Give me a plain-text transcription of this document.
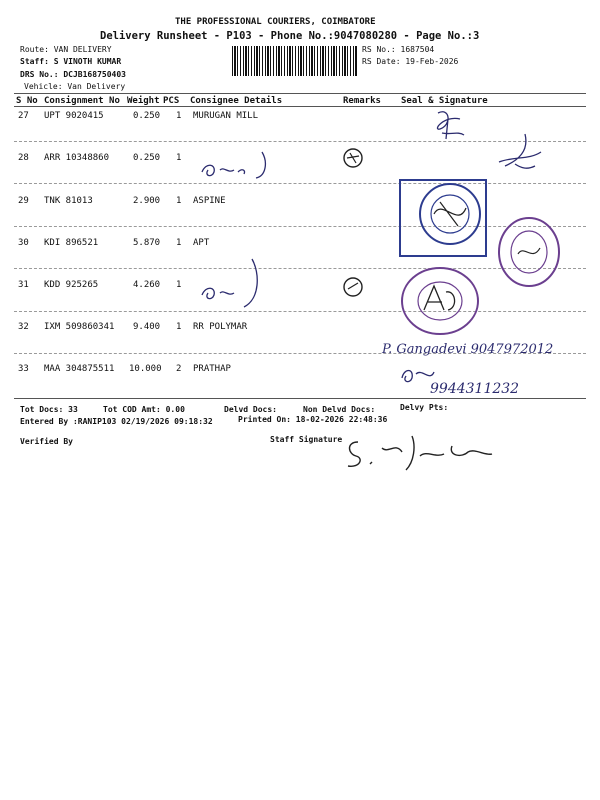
THE PROFESSIONAL COURIERS, COIMBATORE
Delivery Runsheet - P103 - Phone No.:9047080280 - Page No.:3
Route: VAN DELIVERY
Staff: S VINOTH KUMAR
DRS No.: DCJB168750403
Vehicle: Van Delivery
RS No.: 1687504
RS Date: 19-Feb-2026
S No Consignment No Weight PCS Consignee Details	Remarks Seal & Signature
27 UPT 9020415	0.250 1 MURUGAN MILL
28 ARR 10348860	0.250 1
29 TNK 81013	2.900 1 ASPINE
30 KDI 896521	5.870 1 APT
31 KDD 925265	4.260 1
32 IXM 509860341 9.400 1 RR POLYMAR
33 MAA 304875511 10.000 2 PRATHAP
Tot Docs: 33	Tot COD Amt: 0.00	Delvd Docs:	Non Delvd Docs:	Delvy Pts:
Entered By :RANIP103 02/19/2026 09:18:32	Printed On: 18-02-2026 22:48:36
Verified By	Staff Signature
P. Gangadevi 9047972012
9944311232
